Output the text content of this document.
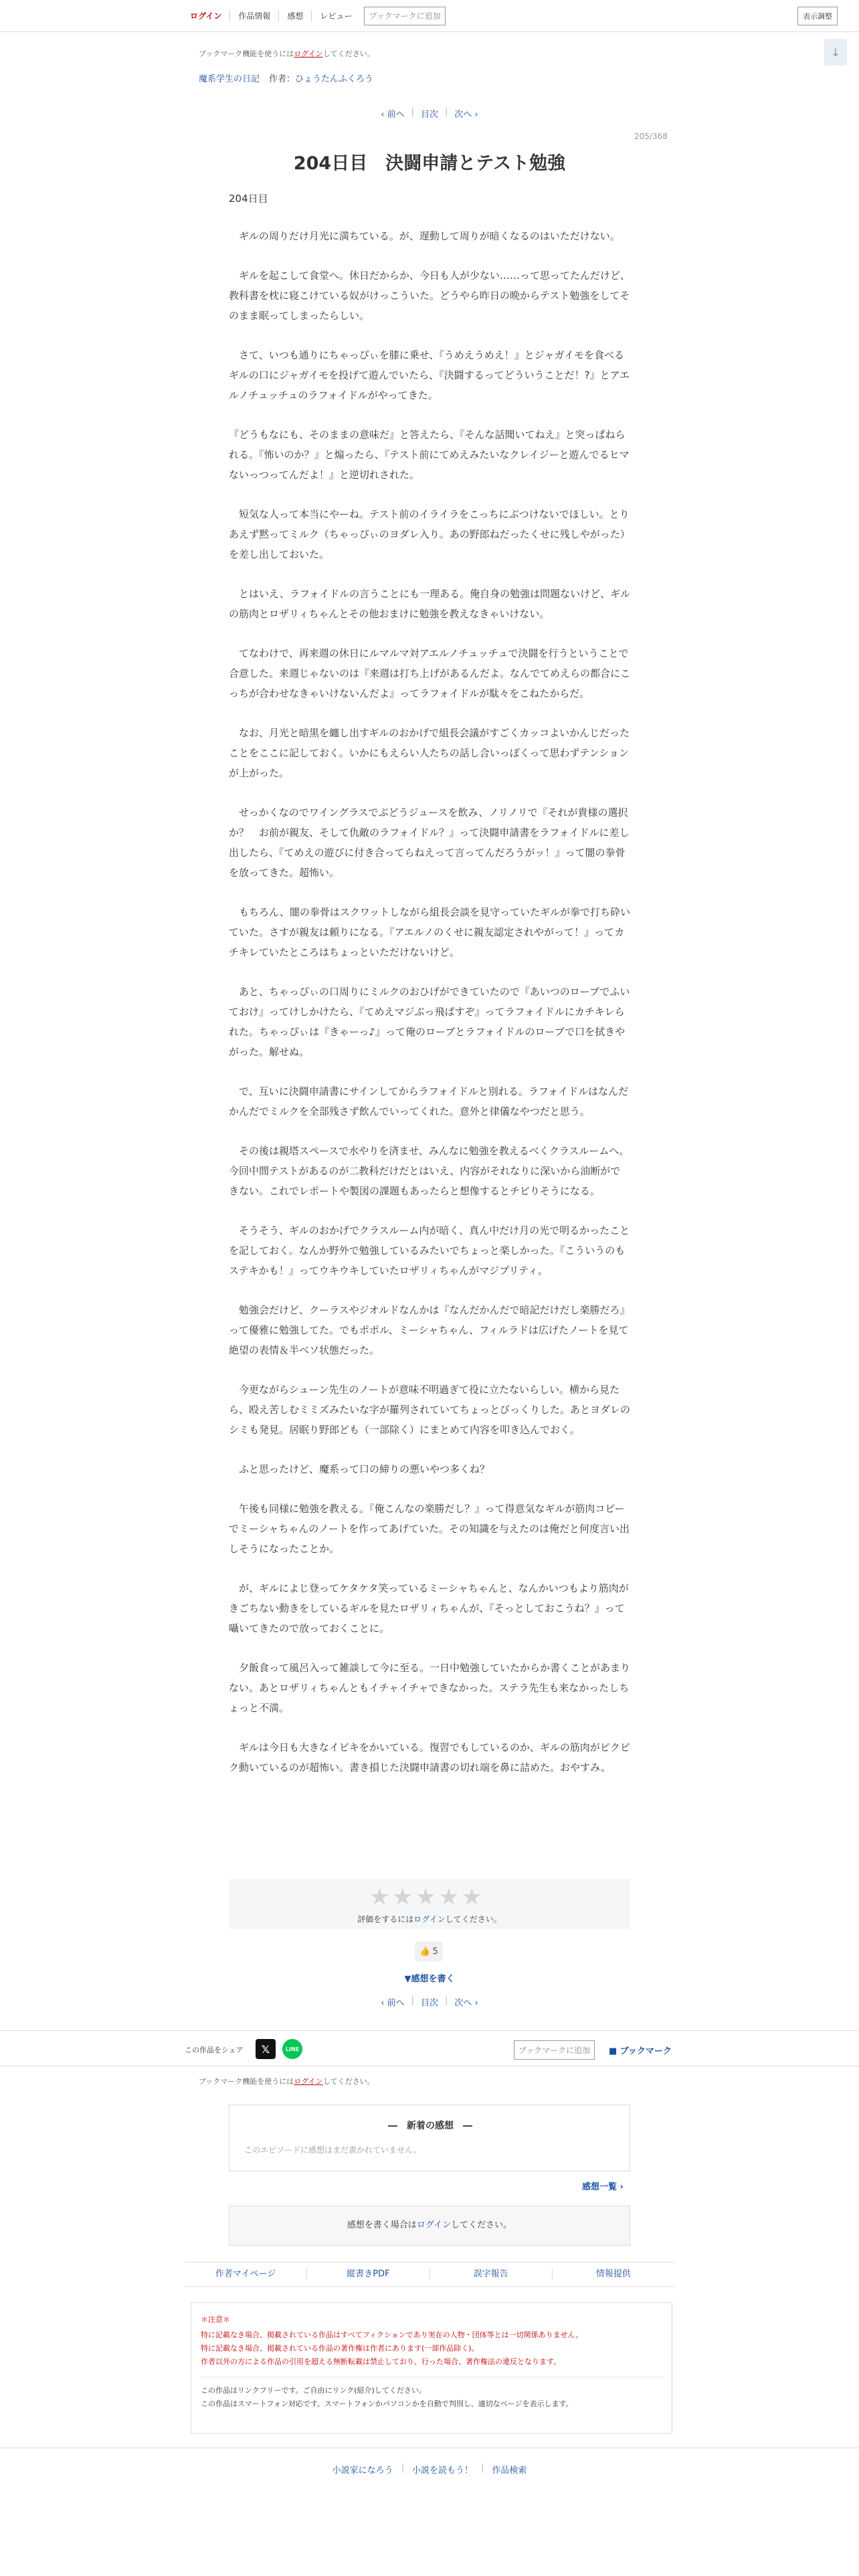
ログイン	作品情報	感想	レビュー	ブックマークに追加	表示調整
↓
ブックマーク機能を使うにはログインしてください。
魔系学生の日記 作者：ひょうたんふくろう
‹ 前へ | 目次 | 次へ ›
205/368
204日目　決闘申請とテスト勉強
204日目

　ギルの周りだけ月光に満ちている。が、遅動して周りが暗くなるのはいただけない。

　ギルを起こして食堂へ。休日だからか、今日も人が少ない……って思ってたんだけど、教科書を枕に寝こけている奴がけっこういた。どうやら昨日の晩からテスト勉強をしてそのまま眠ってしまったらしい。

　さて、いつも通りにちゃっぴぃを膝に乗せ、『うめえうめえ！』とジャガイモを食べるギルの口にジャガイモを投げて遊んでいたら、『決闘するってどういうことだ！?』とアエルノチュッチュのラフォイドルがやってきた。

『どうもなにも、そのままの意味だ』と答えたら、『そんな話聞いてねえ』と突っぱねられる。『怖いのか？』と煽ったら、『テスト前にてめえみたいなクレイジーと遊んでるヒマないっつってんだよ！』と逆切れされた。

　短気な人って本当にやーね。テスト前のイライラをこっちにぶつけないでほしい。とりあえず黙ってミルク（ちゃっぴぃのヨダレ入り。あの野郎ねだったくせに残しやがった）を差し出しておいた。

　とはいえ、ラフォイドルの言うことにも一理ある。俺自身の勉強は問題ないけど、ギルの筋肉とロザリィちゃんとその他おまけに勉強を教えなきゃいけない。

　てなわけで、再来週の休日にルマルマ対アエルノチュッチュで決闘を行うということで合意した。来週じゃないのは『来週は打ち上げがあるんだよ。なんでてめえらの都合にこっちが合わせなきゃいけないんだよ』ってラフォイドルが駄々をこねたからだ。

　なお、月光と暗黒を纏し出すギルのおかげで組長会議がすごくカッコよいかんじだったことをここに記しておく。いかにもえらい人たちの話し合いっぽくって思わずテンションが上がった。

　せっかくなのでワイングラスでぶどうジュースを飲み、ノリノリで『それが貴様の選択か？　お前が親友、そして仇敵のラフォイドル？』って決闘申請書をラフォイドルに差し出したら、『てめえの遊びに付き合ってらねえって言ってんだろうがッ！』って闇の拳骨を放ってきた。超怖い。

　もちろん、闇の拳骨はスクワットしながら組長会談を見守っていたギルが拳で打ち砕いていた。さすが親友は頼りになる。『アエルノのくせに親友認定されやがって！』ってカチキレていたところはちょっといただけないけど。

　あと、ちゃっぴぃの口周りにミルクのおひげができていたので『あいつのローブでふいておけ』ってけしかけたら、『てめえマジぶっ飛ばすぞ』ってラフォイドルにカチキレられた。ちゃっぴぃは『きゃーっ♪』って俺のローブとラフォイドルのローブで口を拭きやがった。解せぬ。

　で、互いに決闘申請書にサインしてからラフォイドルと別れる。ラフォイドルはなんだかんだでミルクを全部残さず飲んでいってくれた。意外と律儀なやつだと思う。

　その後は親塔スペースで水やりを済ませ、みんなに勉強を教えるべくクラスルームへ。今回中間テストがあるのが二教科だけだとはいえ、内容がそれなりに深いから油断ができない。これでレポートや製図の課題もあったらと想像するとチビりそうになる。

　そうそう、ギルのおかげでクラスルーム内が暗く、真ん中だけ月の光で明るかったことを記しておく。なんか野外で勉強しているみたいでちょっと楽しかった。『こういうのもステキかも！』ってウキウキしていたロザリィちゃんがマジプリティ。

　勉強会だけど、クーラスやジオルドなんかは『なんだかんだで暗記だけだし楽勝だろ』って優雅に勉強してた。でもポポル、ミーシャちゃん、フィルラドは広げたノートを見て絶望の表情＆半ベソ状態だった。

　今更ながらシューン先生のノートが意味不明過ぎて役に立たないらしい。横から見たら、殴え苦しむミミズみたいな字が羅列されていてちょっとびっくりした。あとヨダレのシミも発見。居眠り野郎ども（一部除く）にまとめて内容を叩き込んでおく。

　ふと思ったけど、魔系って口の締りの悪いやつ多くね？

　午後も同様に勉強を教える。『俺こんなの楽勝だし？』って得意気なギルが筋肉コピーでミーシャちゃんのノートを作ってあげていた。その知識を与えたのは俺だと何度言い出しそうになったことか。

　が、ギルによじ登ってケタケタ笑っているミーシャちゃんと、なんかいつもより筋肉がきごちない動きをしているギルを見たロザリィちゃんが、『そっとしておこうね？』って囁いてきたので放っておくことに。

　夕飯食って風呂入って雑談して今に至る。一日中勉強していたからか書くことがあまりない。あとロザリィちゃんともイチャイチャできなかった。ステラ先生も来なかったしちょっと不満。

　ギルは今日も大きなイビキをかいている。復習でもしているのか、ギルの筋肉がピクピク動いているのが超怖い。書き損じた決闘申請書の切れ端を鼻に詰めた。おやすみ。

★ ★ ★ ★ ★
評価をするにはログインしてください。
👍 5
▼感想を書く
‹ 前へ | 目次 | 次へ ›
この作品をシェア	𝕏	LINE	ブックマークに追加	■ ブックマーク
ブックマーク機能を使うにはログインしてください。
―　新着の感想　―
このエピソードに感想はまだ書かれていません。
感想一覧 ›
感想を書く場合はログインしてください。
作者マイページ	縦書きPDF	誤字報告	情報提供
＊注意＊
特に記載なき場合、掲載されている作品はすべてフィクションであり実在の人物・団体等とは一切関係ありません。
特に記載なき場合、掲載されている作品の著作権は作者にあります(一部作品除く)。
作者以外の方による作品の引用を超える無断転載は禁止しており、行った場合、著作権法の違反となります。
この作品はリンクフリーです。ご自由にリンク(紹介)してください。
この作品はスマートフォン対応です。スマートフォンかパソコンかを自動で判別し、適切なページを表示します。
小説家になろう | 小説を読もう！ | 作品検索
